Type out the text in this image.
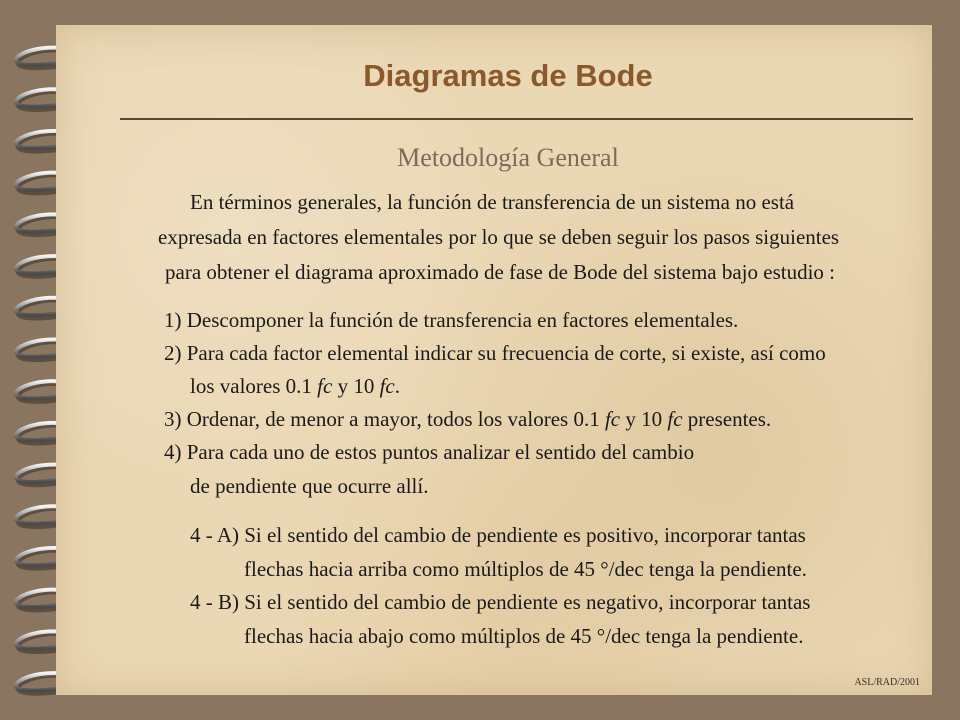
Diagramas de Bode
Metodología General
En términos generales, la función de transferencia de un sistema no está
expresada en factores elementales por lo que se deben seguir los pasos siguientes
para obtener el diagrama aproximado de fase de Bode del sistema bajo estudio :
1) Descomponer la función de transferencia en factores elementales.
2) Para cada factor elemental indicar su frecuencia de corte, si existe, así como
los valores 0.1 fc y 10 fc.
3) Ordenar, de menor a mayor, todos los valores 0.1 fc y 10 fc presentes.
4) Para cada uno de estos puntos analizar el sentido del cambio
de pendiente que ocurre allí.
4 - A) Si el sentido del cambio de pendiente es positivo, incorporar tantas
flechas hacia arriba como múltiplos de 45 °/dec tenga la pendiente.
4 - B) Si el sentido del cambio de pendiente es negativo, incorporar tantas
flechas hacia abajo como múltiplos de 45 °/dec tenga la pendiente.
ASL/RAD/2001
